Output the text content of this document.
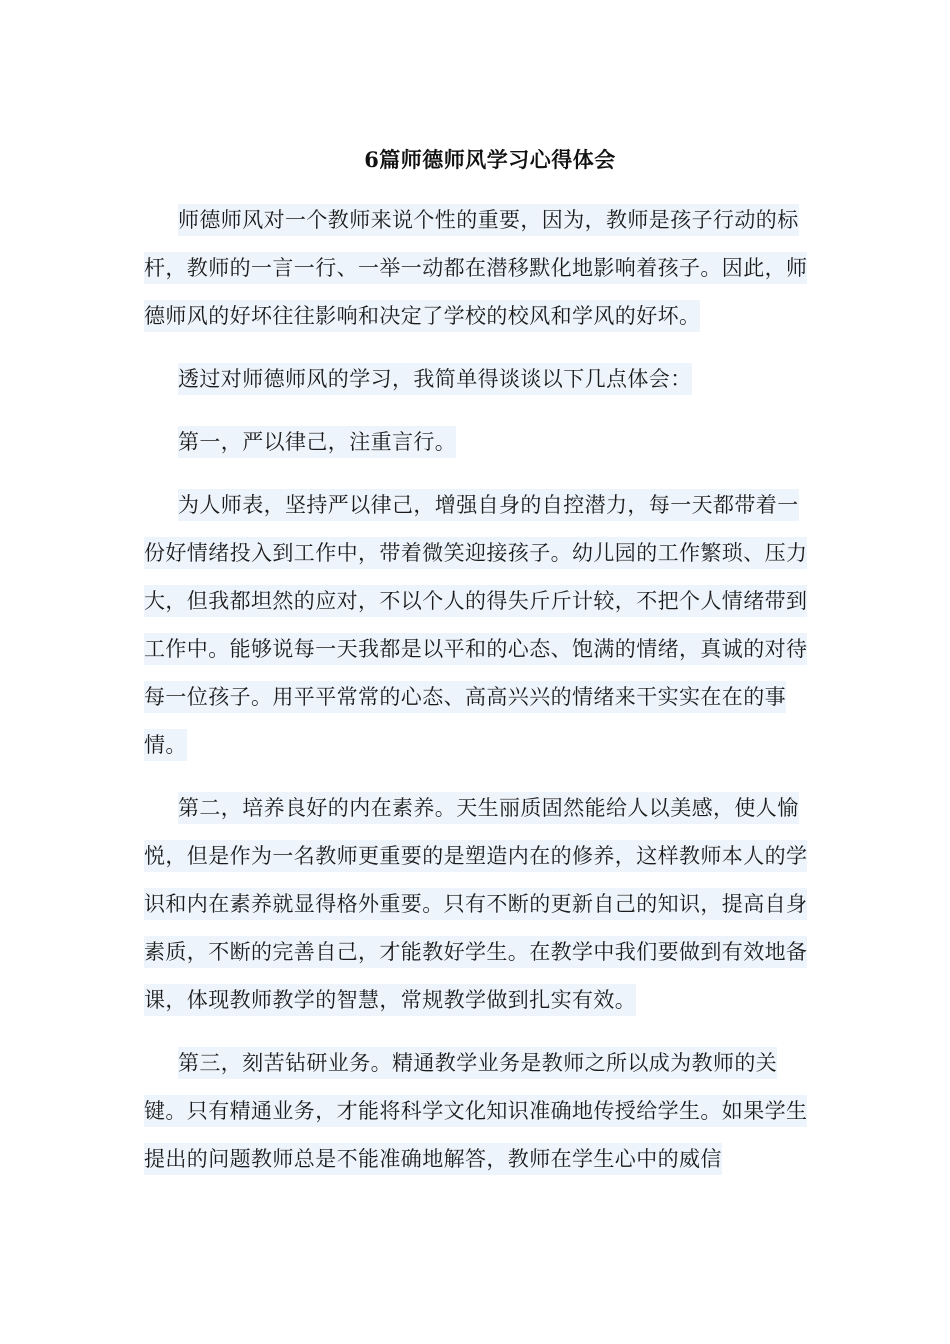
6篇师德师风学习心得体会

师德师风对一个教师来说个性的重要，因为，教师是孩子行动的标杆，教师的一言一行、一举一动都在潜移默化地影响着孩子。因此，师德师风的好坏往往影响和决定了学校的校风和学风的好坏。

透过对师德师风的学习，我简单得谈谈以下几点体会：

第一，严以律己，注重言行。

为人师表，坚持严以律己，增强自身的自控潜力，每一天都带着一份好情绪投入到工作中，带着微笑迎接孩子。幼儿园的工作繁琐、压力大，但我都坦然的应对，不以个人的得失斤斤计较，不把个人情绪带到工作中。能够说每一天我都是以平和的心态、饱满的情绪，真诚的对待每一位孩子。用平平常常的心态、高高兴兴的情绪来干实实在在的事情。

第二，培养良好的内在素养。天生丽质固然能给人以美感，使人愉悦，但是作为一名教师更重要的是塑造内在的修养，这样教师本人的学识和内在素养就显得格外重要。只有不断的更新自己的知识，提高自身素质，不断的完善自己，才能教好学生。在教学中我们要做到有效地备课，体现教师教学的智慧，常规教学做到扎实有效。

第三，刻苦钻研业务。精通教学业务是教师之所以成为教师的关键。只有精通业务，才能将科学文化知识准确地传授给学生。如果学生提出的问题教师总是不能准确地解答，教师在学生心中的威信
